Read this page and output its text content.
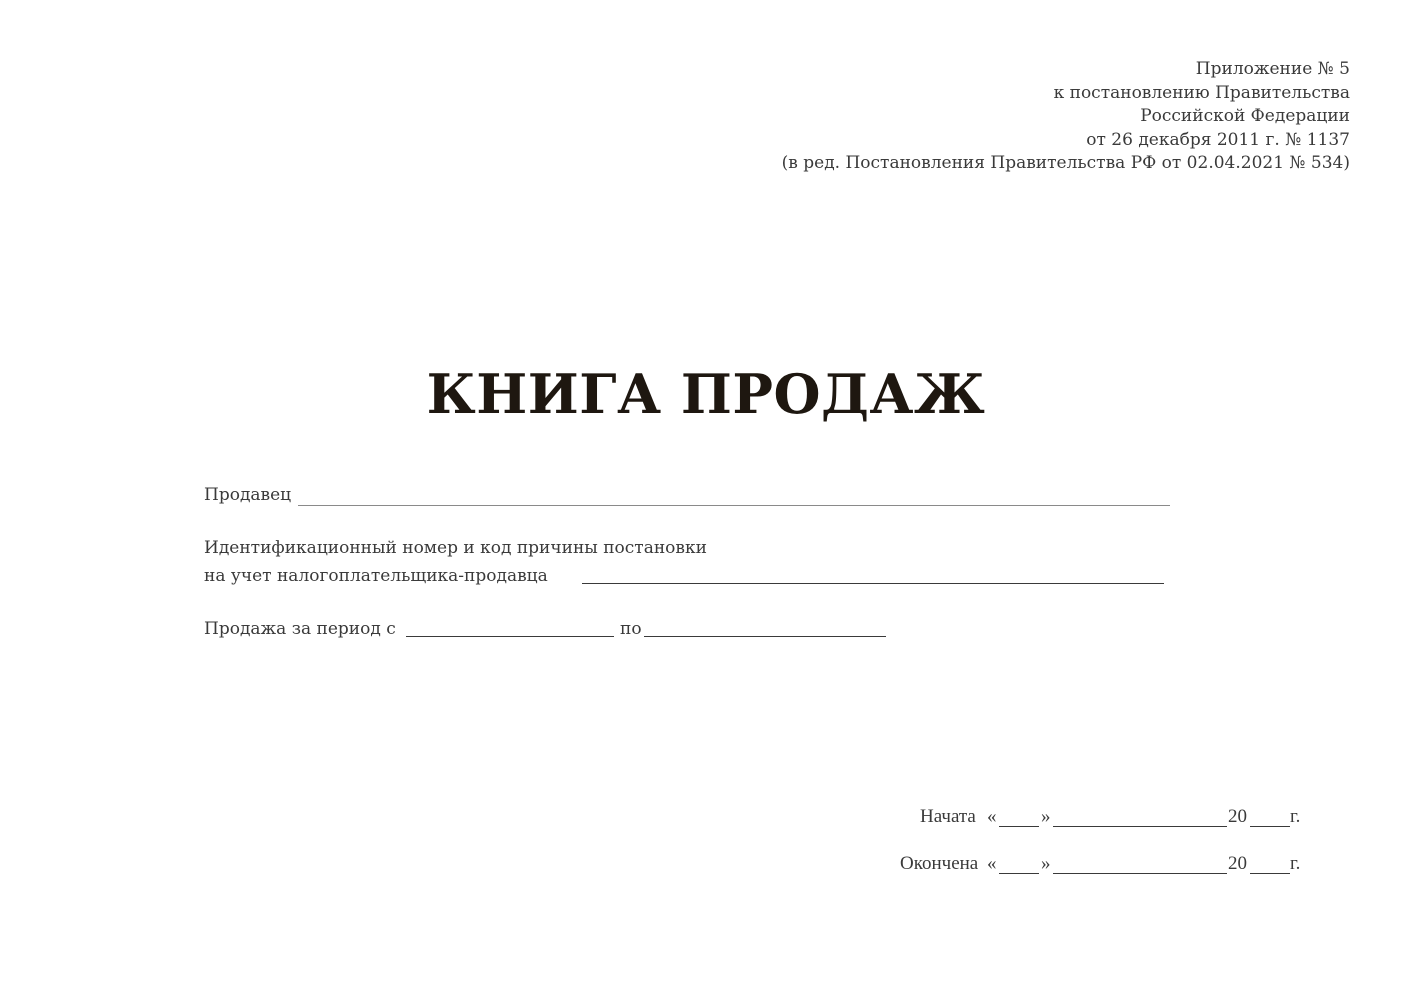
Приложение № 5
к постановлению Правительства
Российской Федерации
от 26 декабря 2011 г. № 1137
(в ред. Постановления Правительства РФ от 02.04.2021 № 534)
КНИГА ПРОДАЖ
Продавец
Идентификационный номер и код причины постановки
на учет налогоплательщика-продавца
Продажа за период с	по
Начата « »	20 г.
Окончена « »	20 г.
